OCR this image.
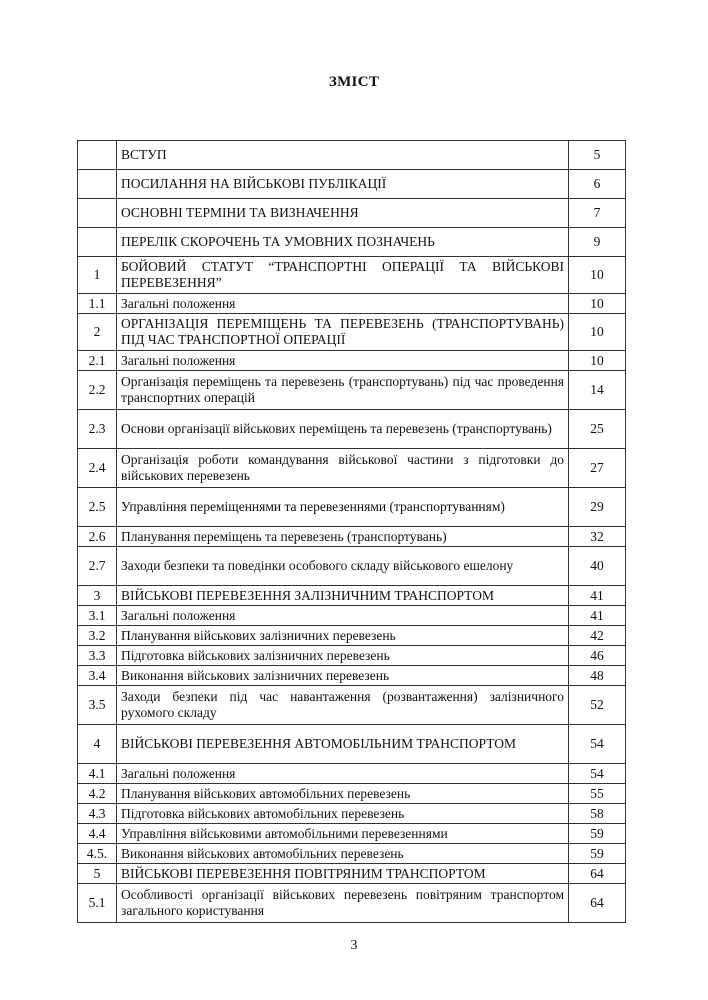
ЗМІСТ
	ВСТУП	5
	ПОСИЛАННЯ НА ВІЙСЬКОВІ ПУБЛІКАЦІЇ	6
	ОСНОВНІ ТЕРМІНИ ТА ВИЗНАЧЕННЯ	7
	ПЕРЕЛІК СКОРОЧЕНЬ ТА УМОВНИХ ПОЗНАЧЕНЬ	9
1	БОЙОВИЙ СТАТУТ “ТРАНСПОРТНІ ОПЕРАЦІЇ ТА ВІЙСЬКОВІ ПЕРЕВЕЗЕННЯ”	10
1.1	Загальні положення	10
2	ОРГАНІЗАЦІЯ ПЕРЕМІЩЕНЬ ТА ПЕРЕВЕЗЕНЬ (ТРАНСПОРТУВАНЬ) ПІД ЧАС ТРАНСПОРТНОЇ ОПЕРАЦІЇ	10
2.1	Загальні положення	10
2.2	Організація переміщень та перевезень (транспортувань) під час проведення транспортних операцій	14
2.3	Основи організації військових переміщень та перевезень (транспортувань)	25
2.4	Організація роботи командування військової частини з підготовки до військових перевезень	27
2.5	Управління переміщеннями та перевезеннями (транспортуванням)	29
2.6	Планування переміщень та перевезень (транспортувань)	32
2.7	Заходи безпеки та поведінки особового складу військового ешелону	40
3	ВІЙСЬКОВІ ПЕРЕВЕЗЕННЯ ЗАЛІЗНИЧНИМ ТРАНСПОРТОМ	41
3.1	Загальні положення	41
3.2	Планування військових залізничних перевезень	42
3.3	Підготовка військових залізничних перевезень	46
3.4	Виконання військових залізничних перевезень	48
3.5	Заходи безпеки під час навантаження (розвантаження) залізничного рухомого складу	52
4	ВІЙСЬКОВІ ПЕРЕВЕЗЕННЯ АВТОМОБІЛЬНИМ ТРАНСПОРТОМ	54
4.1	Загальні положення	54
4.2	Планування військових автомобільних перевезень	55
4.3	Підготовка військових автомобільних перевезень	58
4.4	Управління військовими автомобільними перевезеннями	59
4.5.	Виконання військових автомобільних перевезень	59
5	ВІЙСЬКОВІ ПЕРЕВЕЗЕННЯ ПОВІТРЯНИМ ТРАНСПОРТОМ	64
5.1	Особливості організації військових перевезень повітряним транспортом загального користування	64
3
